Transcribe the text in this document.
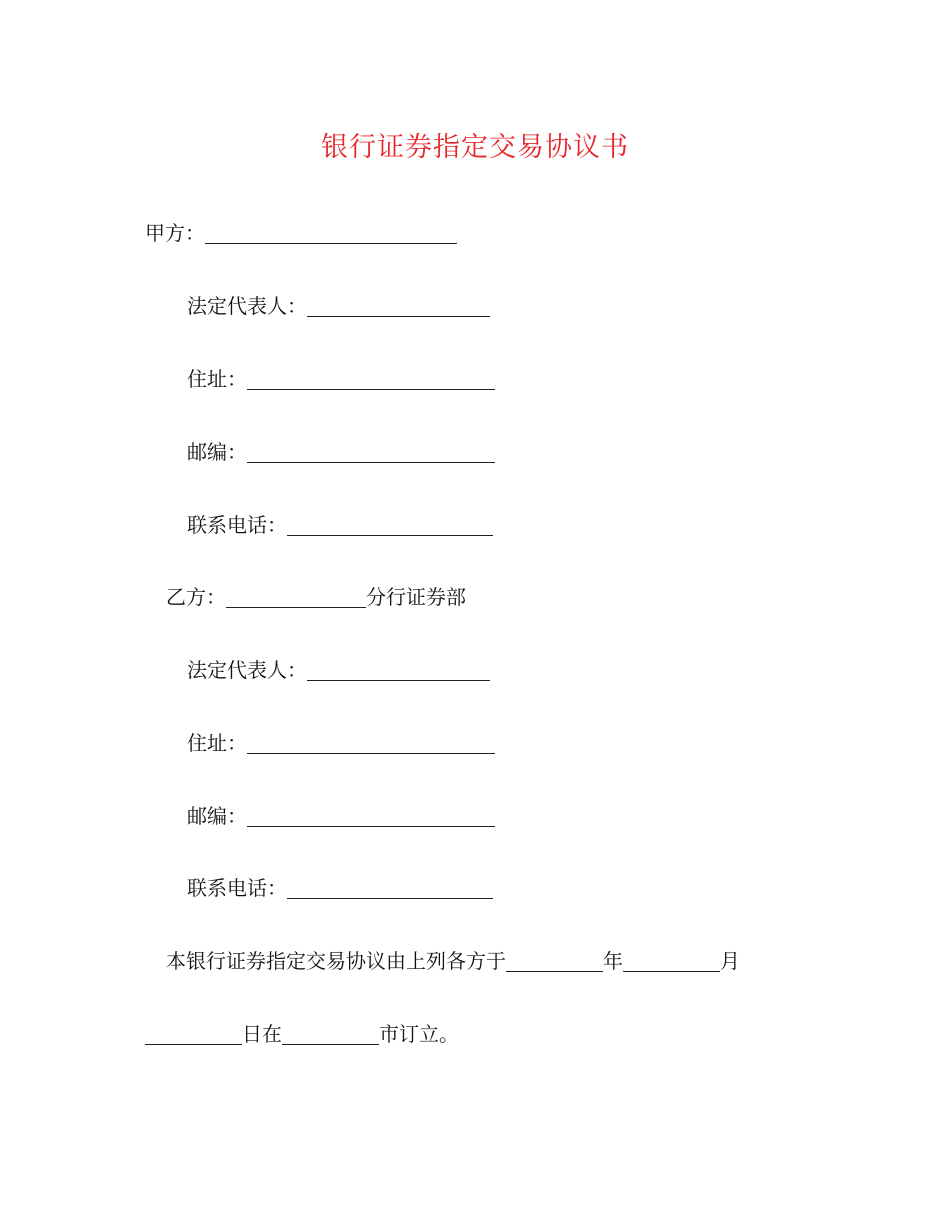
银行证券指定交易协议书
甲方：
法定代表人：
住址：
邮编：
联系电话：
乙方：	分行证券部
法定代表人：
住址：
邮编：
联系电话：
本银行证券指定交易协议由上列各方于	年	月
日在	市订立。
